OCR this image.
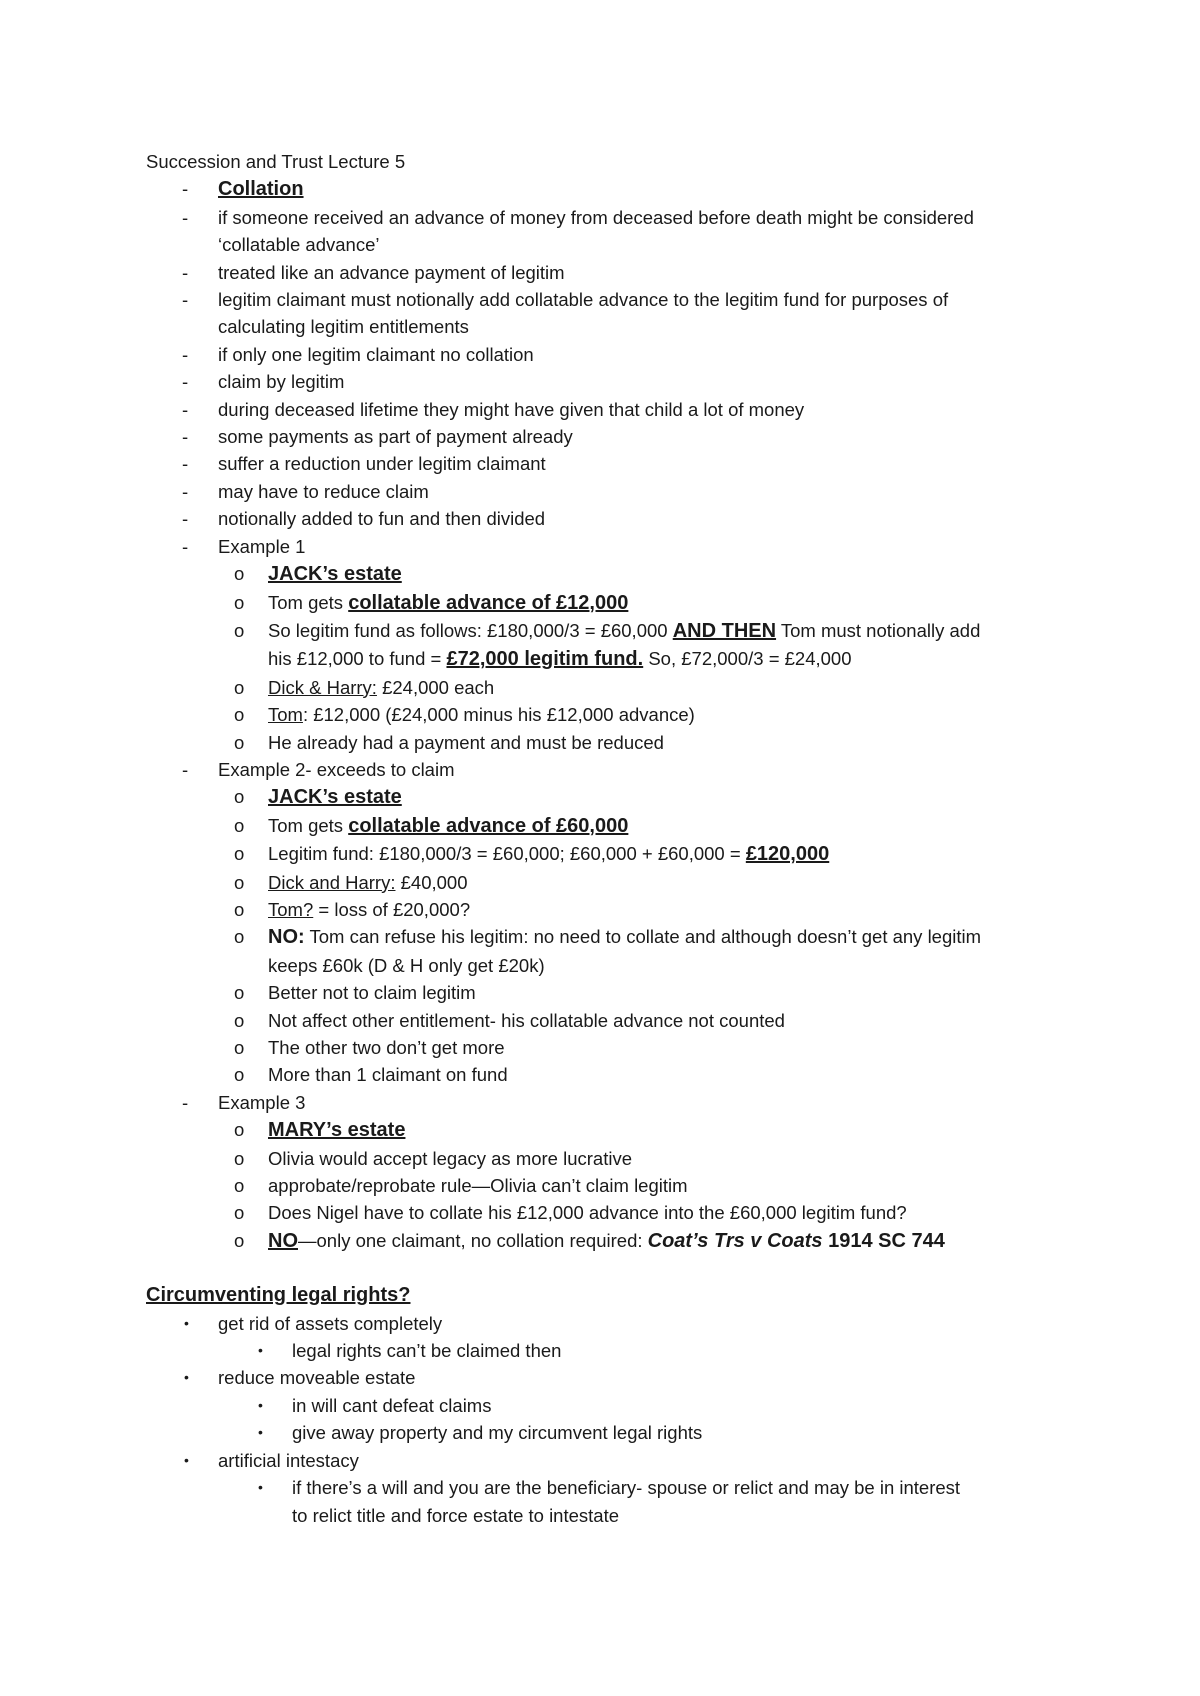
Succession and Trust Lecture 5
- Collation
- if someone received an advance of money from deceased before death might be considered
‘collatable advance’
- treated like an advance payment of legitim
- legitim claimant must notionally add collatable advance to the legitim fund for purposes of
calculating legitim entitlements
- if only one legitim claimant no collation
- claim by legitim
- during deceased lifetime they might have given that child a lot of money
- some payments as part of payment already
- suffer a reduction under legitim claimant
- may have to reduce claim
- notionally added to fun and then divided
- Example 1
o JACK’s estate
o Tom gets collatable advance of £12,000
o So legitim fund as follows: £180,000/3 = £60,000 AND THEN Tom must notionally add
his £12,000 to fund = £72,000 legitim fund. So, £72,000/3 = £24,000
o Dick & Harry: £24,000 each
o Tom: £12,000 (£24,000 minus his £12,000 advance)
o He already had a payment and must be reduced
- Example 2- exceeds to claim
o JACK’s estate
o Tom gets collatable advance of £60,000
o Legitim fund: £180,000/3 = £60,000; £60,000 + £60,000 = £120,000
o Dick and Harry: £40,000
o Tom? = loss of £20,000?
o NO: Tom can refuse his legitim: no need to collate and although doesn’t get any legitim
keeps £60k (D & H only get £20k)
o Better not to claim legitim
o Not affect other entitlement- his collatable advance not counted
o The other two don’t get more
o More than 1 claimant on fund
- Example 3
o MARY’s estate
o Olivia would accept legacy as more lucrative
o approbate/reprobate rule—Olivia can’t claim legitim
o Does Nigel have to collate his £12,000 advance into the £60,000 legitim fund?
o NO—only one claimant, no collation required: Coat’s Trs v Coats 1914 SC 744
Circumventing legal rights?
• get rid of assets completely
• legal rights can’t be claimed then
• reduce moveable estate
• in will cant defeat claims
• give away property and my circumvent legal rights
• artificial intestacy
• if there’s a will and you are the beneficiary- spouse or relict and may be in interest
to relict title and force estate to intestate
